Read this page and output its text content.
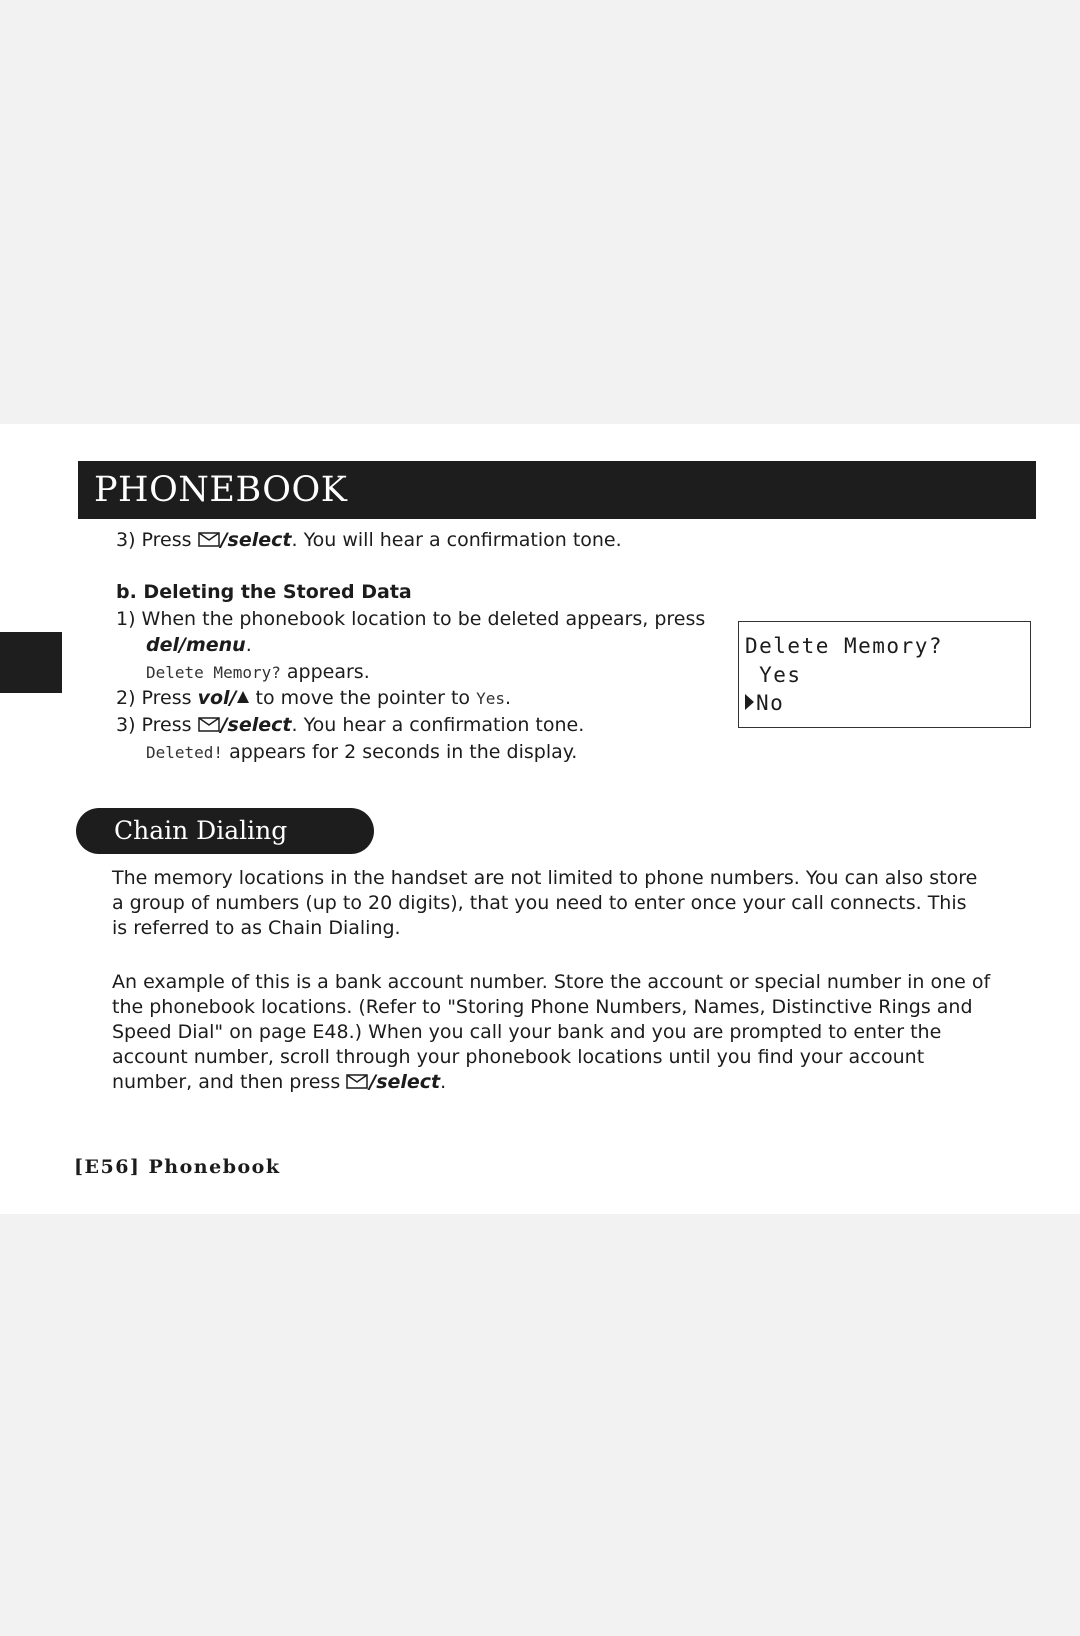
PHONEBOOK
3) Press
/select. You will hear a confirmation tone.
b. Deleting the Stored Data
1) When the phonebook location to be deleted appears, press
del/menu.
Delete Memory? appears.
2) Press vol/ to move the pointer to Yes.
3) Press
/select. You hear a confirmation tone.
Deleted! appears for 2 seconds in the display.
Delete Memory?
Yes
No
Chain Dialing
The memory locations in the handset are not limited to phone numbers. You can also store
a group of numbers (up to 20 digits), that you need to enter once your call connects. This
is referred to as Chain Dialing.
An example of this is a bank account number. Store the account or special number in one of
the phonebook locations. (Refer to "Storing Phone Numbers, Names, Distinctive Rings and
Speed Dial" on page E48.) When you call your bank and you are prompted to enter the
account number, scroll through your phonebook locations until you find your account
number, and then press
/select.
[E56] Phonebook
